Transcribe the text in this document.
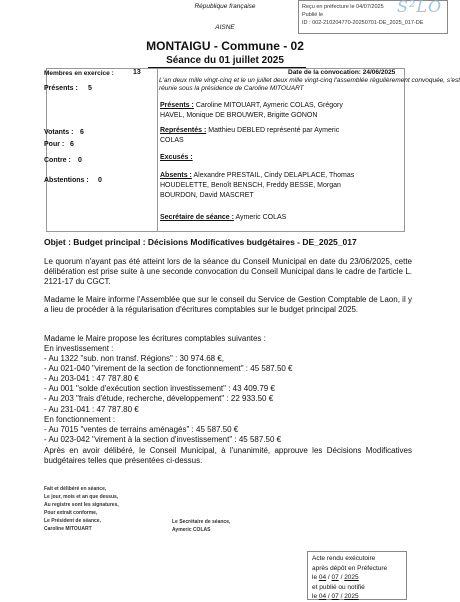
République française
AISNE
Reçu en préfecture le 04/07/2025
Publié le
ID : 002-210204770-20250701-DE_2025_017-DE
S²LO
MONTAIGU - Commune - 02
Séance du 01 juillet 2025
Membres en exercice :	13
Présents : 5
Votants : 6
Pour : 6
Contre : 0
Abstentions : 0
Date de la convocation: 24/06/2025
L'an deux mille vingt-cinq et le un juillet deux mille vingt-cinq l'assemblée régulièrement convoquée, s'est
réunie sous la présidence de Caroline MITOUART
Présents : Caroline MITOUART, Aymeric COLAS, Grégory
HAVEL, Monique DE BROUWER, Brigitte GONON
Représentés : Matthieu DEBLED représenté par Aymeric
COLAS
Excusés :
Absents : Alexandre PRESTAIL, Cindy DELAPLACE, Thomas
HOUDELETTE, Benoît BENSCH, Freddy BESSE, Morgan
BOURDON, David MASCRET
Secrétaire de séance : Aymeric COLAS
Objet : Budget principal : Décisions Modificatives budgétaires - DE_2025_017
Le quorum n'ayant pas été atteint lors de la séance du Conseil Municipal en date du 23/06/2025, cette délibération est prise suite à une seconde convocation du Conseil Municipal dans le cadre de l'article L. 2121-17 du CGCT.
Madame le Maire informe l'Assemblée que sur le conseil du Service de Gestion Comptable de Laon, il y a lieu de procéder à la régularisation d'écritures comptables sur le budget principal 2025.
Madame le Maire propose les écritures comptables suivantes :
En investissement :
- Au 1322 "sub. non transf. Régions" : 30 974.68 €,
- Au 021-040 "virement de la section de fonctionnement" : 45 587.50 €
- Au 203-041 : 47 787.80 €
- Au 001 "solde d'exécution section investissement" : 43 409.79 €
- Au 203 "frais d'étude, recherche, développement" : 22 933.50 €
- Au 231-041 : 47 787.80 €
En fonctionnement :
- Au 7015 "ventes de terrains aménagés" : 45 587.50 €
- Au 023-042 "virement à la section d'investissement" : 45 587.50 €
Après en avoir délibéré, le Conseil Municipal, à l'unanimité, approuve les Décisions Modificatives budgétaires telles que présentées ci-dessus.
Fait et délibéré en séance,
Le jour, mois et an que dessus,
Au registre sont les signatures,
Pour extrait conforme,
Le Président de séance,
Caroline MITOUART
Le Secrétaire de séance,
Aymeric COLAS
Acte rendu exécutoire
après dépôt en Préfecture
le 04 / 07 / 2025
et publié ou notifié
le 04 / 07 / 2025
